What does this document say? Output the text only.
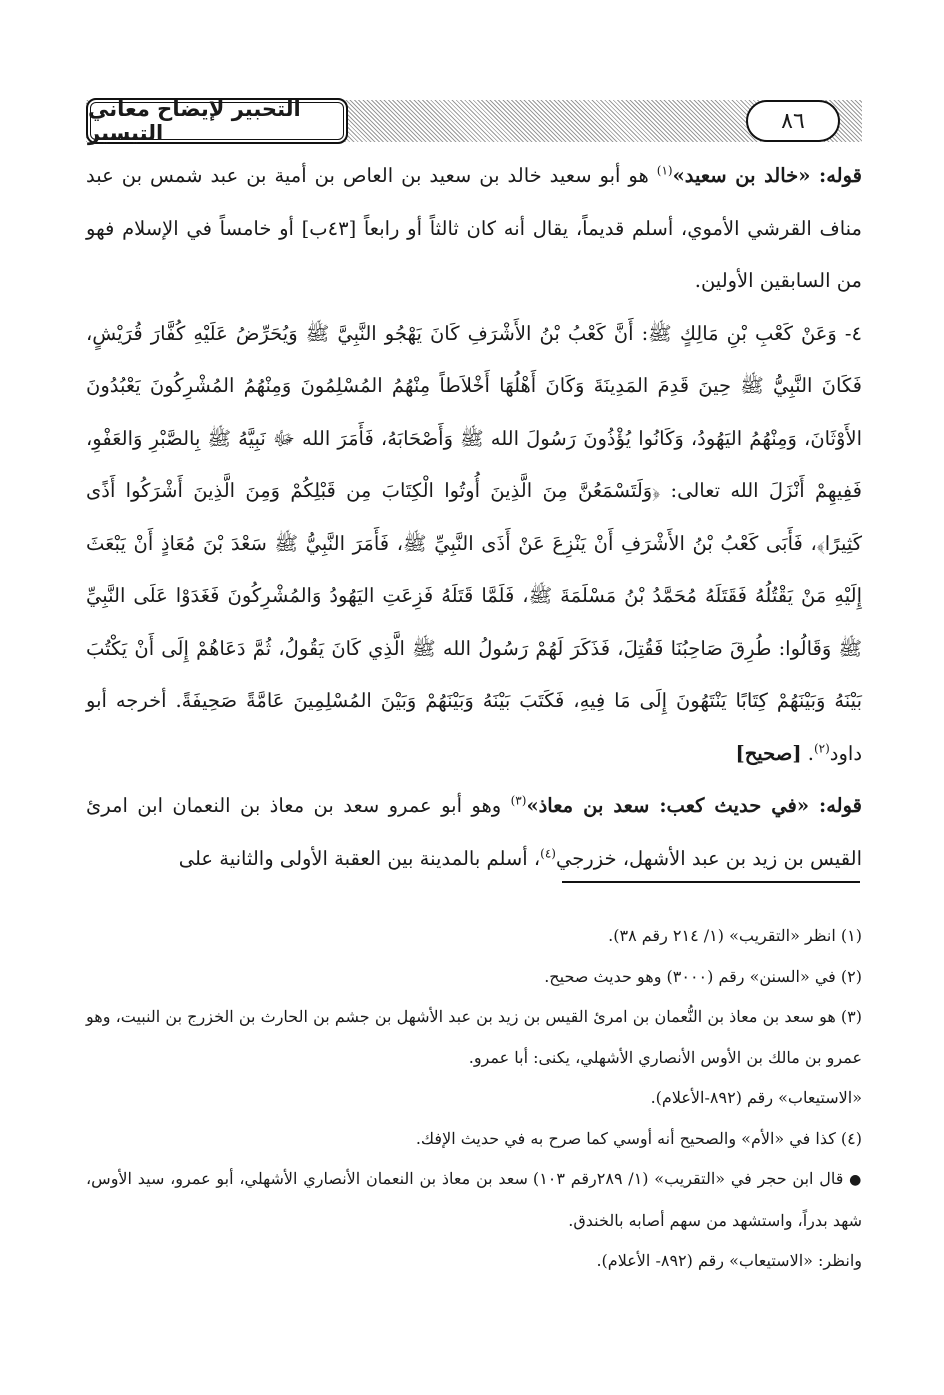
التحبير لإيضاح معاني التيسير	٨٦

قوله: «خالد بن سعيد»$^{(١)}$ هو أبو سعيد خالد بن سعيد بن العاص بن أمية بن عبد شمس بن عبد مناف القرشي الأموي، أسلم قديماً، يقال أنه كان ثالثاً أو رابعاً [٤٣ب] أو خامساً في الإسلام فهو من السابقين الأولين.

٤- وَعَنْ كَعْبِ بْنِ مَالِكٍ ﷺ: أَنَّ كَعْبُ بْنُ الأَشْرَفِ كَانَ يَهْجُو النَّبِيَّ ﷺ وَيُحَرِّضُ عَلَيْهِ كُفَّارَ قُرَيْشٍ، فَكَانَ النَّبِيُّ ﷺ حِينَ قَدِمَ المَدِينَةَ وَكَانَ أَهْلُهَا أَخْلاَطاً مِنْهُمُ المُسْلِمُونَ وَمِنْهُمُ المُشْرِكُونَ يَعْبُدُونَ الأَوْثَانَ، وَمِنْهُمُ اليَهُودُ، وَكَانُوا يُؤْذُونَ رَسُولَ الله ﷺ وَأَصْحَابَهُ، فَأَمَرَ الله ﷻ نَبِيَّهُ ﷺ بِالصَّبْرِ وَالعَفْوِ، فَفِيهِمْ أَنْزَلَ الله تعالى: ﴿وَلَتَسْمَعُنَّ مِنَ الَّذِينَ أُوتُوا الْكِتَابَ مِن قَبْلِكُمْ وَمِنَ الَّذِينَ أَشْرَكُوا أَذًى كَثِيرًا﴾، فَأَبَى كَعْبُ بْنُ الأَشْرَفِ أَنْ يَنْزِعَ عَنْ أَذَى النَّبِيِّ ﷺ، فَأَمَرَ النَّبِيُّ ﷺ سَعْدَ بْنَ مُعَاذٍ أَنْ يَبْعَثَ إِلَيْهِ مَنْ يَقْتُلُهُ فَقَتَلَهُ مُحَمَّدُ بْنُ مَسْلَمَةَ ﷺ، فَلَمَّا قَتَلَهُ فَزِعَتِ اليَهُودُ وَالمُشْرِكُونَ فَغَدَوْا عَلَى النَّبِيِّ ﷺ وَقَالُوا: طُرِقَ صَاحِبُنَا فَقُتِلَ، فَذَكَرَ لَهُمْ رَسُولُ الله ﷺ الَّذِي كَانَ يَقُولُ، ثُمَّ دَعَاهُمْ إِلَى أَنْ يَكْتُبَ بَيْنَهُ وَبَيْنَهُمْ كِتَابًا يَنْتَهُونَ إِلَى مَا فِيهِ، فَكَتَبَ بَيْنَهُ وَبَيْنَهُمْ وَبَيْنَ المُسْلِمِينَ عَامَّةً صَحِيفَةً. أخرجه أبو داود$^{(٢)}$. [صحيح]

قوله: «في حديث كعب: سعد بن معاذ»$^{(٣)}$ وهو أبو عمرو سعد بن معاذ بن النعمان ابن امرئ القيس بن زيد بن عبد الأشهل، خزرجي$^{(٤)}$، أسلم بالمدينة بين العقبة الأولى والثانية على

(١) انظر «التقريب» (١/ ٢١٤ رقم ٣٨).

(٢) في «السنن» رقم (٣٠٠٠) وهو حديث صحيح.

(٣) هو سعد بن معاذ بن النُّعمان بن امرئ القيس بن زيد بن عبد الأشهل بن جشم بن الحارث بن الخزرج بن النبيت، وهو عمرو بن مالك بن الأوس الأنصاري الأشهلي، يكنى: أبا عمرو.

«الاستيعاب» رقم (٨٩٢-الأعلام).

(٤) كذا في «الأم» والصحيح أنه أوسي كما صرح به في حديث الإفك.

● قال ابن حجر في «التقريب» (١/ ٢٨٩رقم ١٠٣) سعد بن معاذ بن النعمان الأنصاري الأشهلي، أبو عمرو، سيد الأوس، شهد بدراً، واستشهد من سهم أصابه بالخندق.

وانظر: «الاستيعاب» رقم (٨٩٢- الأعلام).
